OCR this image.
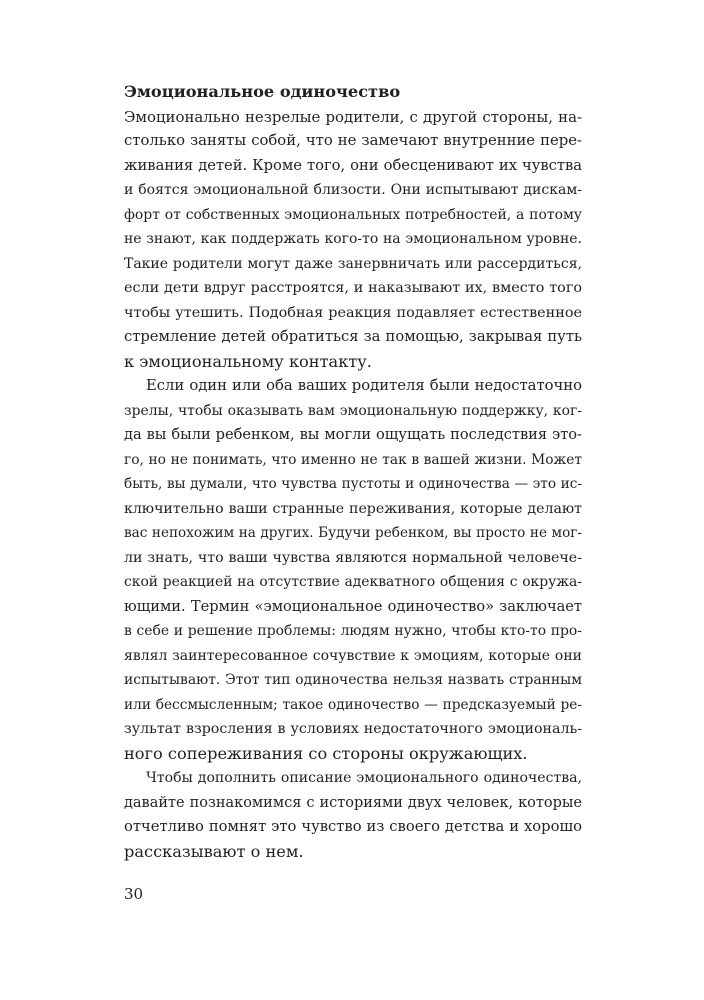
Эмоциональное одиночество
Эмоционально незрелые родители, с другой стороны, на-
столько заняты собой, что не замечают внутренние пере-
живания детей. Кроме того, они обесценивают их чувства
и боятся эмоциональной близости. Они испытывают дискам-
форт от собственных эмоциональных потребностей, а потому
не знают, как поддержать кого-то на эмоциональном уровне.
Такие родители могут даже занервничать или рассердиться,
если дети вдруг расстроятся, и наказывают их, вместо того
чтобы утешить. Подобная реакция подавляет естественное
стремление детей обратиться за помощью, закрывая путь
к эмоциональному контакту.
Если один или оба ваших родителя были недостаточно
зрелы, чтобы оказывать вам эмоциональную поддержку, ког-
да вы были ребенком, вы могли ощущать последствия это-
го, но не понимать, что именно не так в вашей жизни. Может
быть, вы думали, что чувства пустоты и одиночества — это ис-
ключительно ваши странные переживания, которые делают
вас непохожим на других. Будучи ребенком, вы просто не мог-
ли знать, что ваши чувства являются нормальной человече-
ской реакцией на отсутствие адекватного общения с окружа-
ющими. Термин «эмоциональное одиночество» заключает
в себе и решение проблемы: людям нужно, чтобы кто-то про-
являл заинтересованное сочувствие к эмоциям, которые они
испытывают. Этот тип одиночества нельзя назвать странным
или бессмысленным; такое одиночество — предсказуемый ре-
зультат взросления в условиях недостаточного эмоциональ-
ного сопереживания со стороны окружающих.
Чтобы дополнить описание эмоционального одиночества,
давайте познакомимся с историями двух человек, которые
отчетливо помнят это чувство из своего детства и хорошо
рассказывают о нем.
30
